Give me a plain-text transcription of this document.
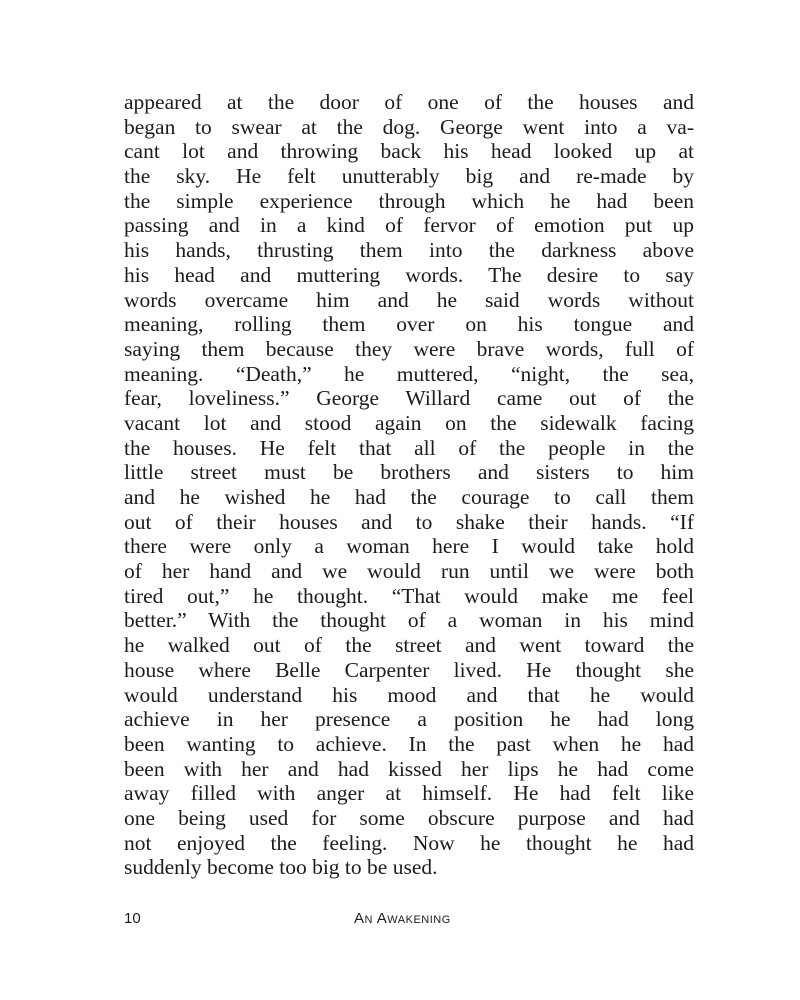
appeared at the door of one of the houses and
began to swear at the dog. George went into a va-
cant lot and throwing back his head looked up at
the sky. He felt unutterably big and re-made by
the simple experience through which he had been
passing and in a kind of fervor of emotion put up
his hands, thrusting them into the darkness above
his head and muttering words. The desire to say
words overcame him and he said words without
meaning, rolling them over on his tongue and
saying them because they were brave words, full of
meaning. “Death,” he muttered, “night, the sea,
fear, loveliness.” George Willard came out of the
vacant lot and stood again on the sidewalk facing
the houses. He felt that all of the people in the
little street must be brothers and sisters to him
and he wished he had the courage to call them
out of their houses and to shake their hands. “If
there were only a woman here I would take hold
of her hand and we would run until we were both
tired out,” he thought. “That would make me feel
better.” With the thought of a woman in his mind
he walked out of the street and went toward the
house where Belle Carpenter lived. He thought she
would understand his mood and that he would
achieve in her presence a position he had long
been wanting to achieve. In the past when he had
been with her and had kissed her lips he had come
away filled with anger at himself. He had felt like
one being used for some obscure purpose and had
not enjoyed the feeling. Now he thought he had
suddenly become too big to be used.
10	An Awakening
